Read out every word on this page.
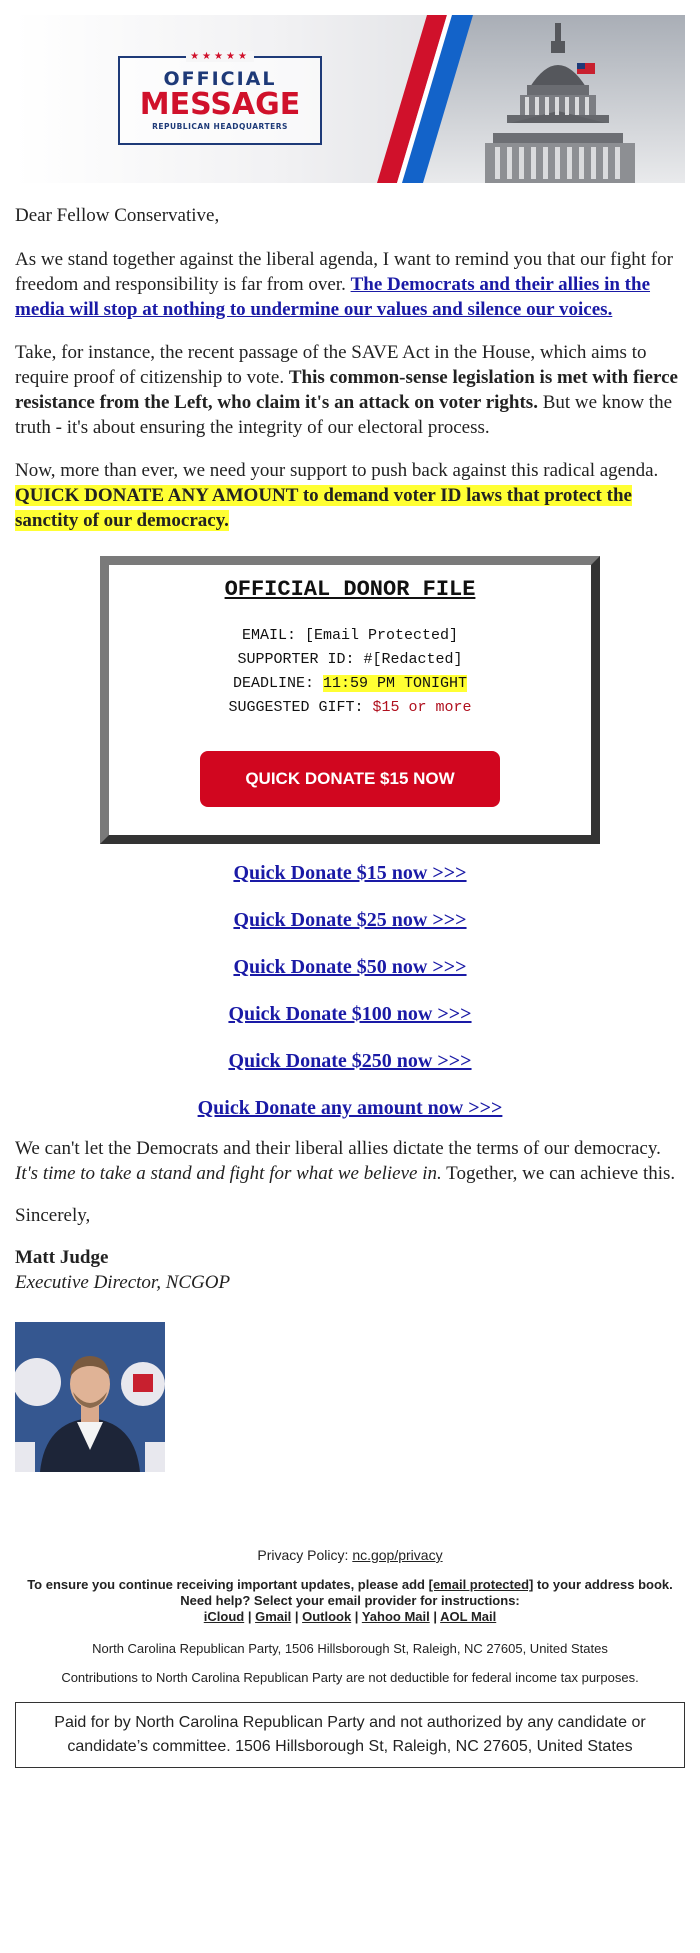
★★★★★
OFFICIAL
MESSAGE
REPUBLICAN HEADQUARTERS

Dear Fellow Conservative,

As we stand together against the liberal agenda, I want to remind you that our fight for freedom and responsibility is far from over. The Democrats and their allies in the media will stop at nothing to undermine our values and silence our voices.

Take, for instance, the recent passage of the SAVE Act in the House, which aims to require proof of citizenship to vote. This common-sense legislation is met with fierce resistance from the Left, who claim it's an attack on voter rights. But we know the truth - it's about ensuring the integrity of our electoral process.

Now, more than ever, we need your support to push back against this radical agenda. QUICK DONATE ANY AMOUNT to demand voter ID laws that protect the sanctity of our democracy.

OFFICIAL DONOR FILE
EMAIL: [Email Protected]
SUPPORTER ID: #[Redacted]
DEADLINE: 11:59 PM TONIGHT
SUGGESTED GIFT: $15 or more
QUICK DONATE $15 NOW
Quick Donate $15 now >>>
Quick Donate $25 now >>>
Quick Donate $50 now >>>
Quick Donate $100 now >>>
Quick Donate $250 now >>>
Quick Donate any amount now >>>

We can't let the Democrats and their liberal allies dictate the terms of our democracy. It's time to take a stand and fight for what we believe in. Together, we can achieve this.

Sincerely,

Matt Judge

Executive Director, NCGOP

Privacy Policy: nc.gop/privacy
To ensure you continue receiving important updates, please add [email protected] to your address book. Need help? Select your email provider for instructions:
iCloud | Gmail | Outlook | Yahoo Mail | AOL Mail
North Carolina Republican Party, 1506 Hillsborough St, Raleigh, NC 27605, United States
Contributions to North Carolina Republican Party are not deductible for federal income tax purposes.
Paid for by North Carolina Republican Party and not authorized by any candidate or candidate’s committee. 1506 Hillsborough St, Raleigh, NC 27605, United States
